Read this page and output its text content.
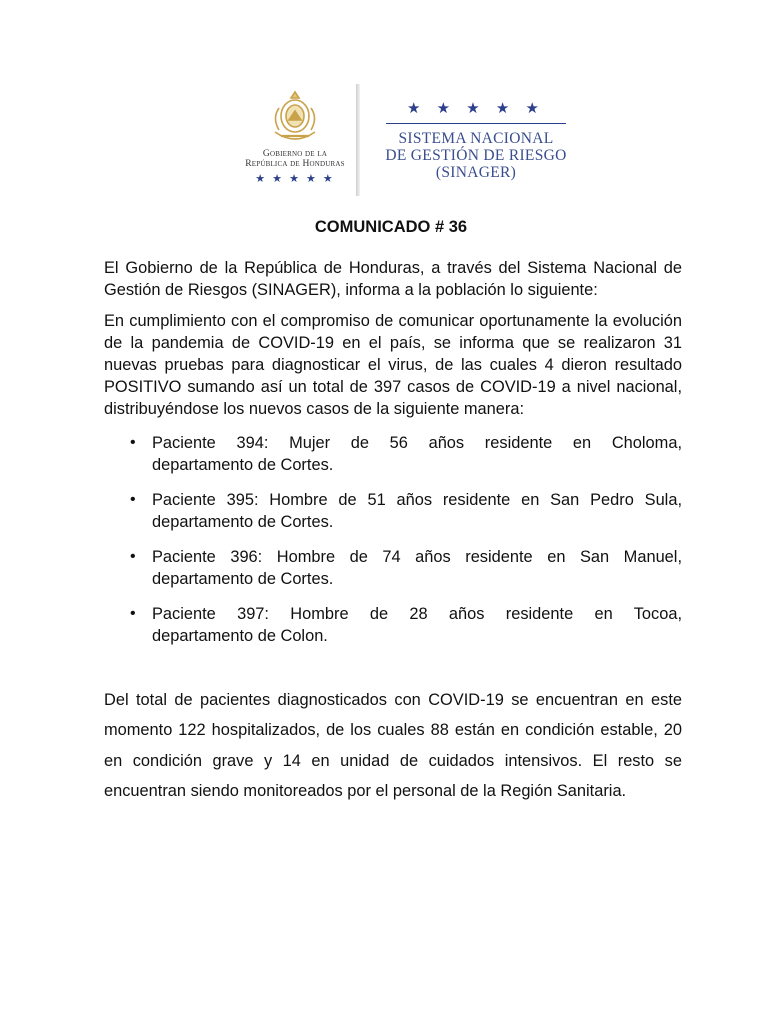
Gobierno de la
República de Honduras
★ ★ ★ ★ ★
★ ★ ★ ★ ★
SISTEMA NACIONAL
DE GESTIÓN DE RIESGO
(SINAGER)
COMUNICADO # 36

El Gobierno de la República de Honduras, a través del Sistema Nacional de Gestión de Riesgos (SINAGER), informa a la población lo siguiente:

En cumplimiento con el compromiso de comunicar oportunamente la evolución de la pandemia de COVID-19 en el país, se informa que se realizaron 31 nuevas pruebas para diagnosticar el virus, de las cuales 4 dieron resultado POSITIVO sumando así un total de 397 casos de COVID-19 a nivel nacional, distribuyéndose los nuevos casos de la siguiente manera:

• Paciente 394: Mujer de 56 años residente en Choloma,
departamento de Cortes.
• Paciente 395: Hombre de 51 años residente en San Pedro Sula,
departamento de Cortes.
• Paciente 396: Hombre de 74 años residente en San Manuel,
departamento de Cortes.
• Paciente 397: Hombre de 28 años residente en Tocoa,
departamento de Colon.

Del total de pacientes diagnosticados con COVID-19 se encuentran en este momento 122 hospitalizados, de los cuales 88 están en condición estable, 20 en condición grave y 14 en unidad de cuidados intensivos. El resto se encuentran siendo monitoreados por el personal de la Región Sanitaria.
